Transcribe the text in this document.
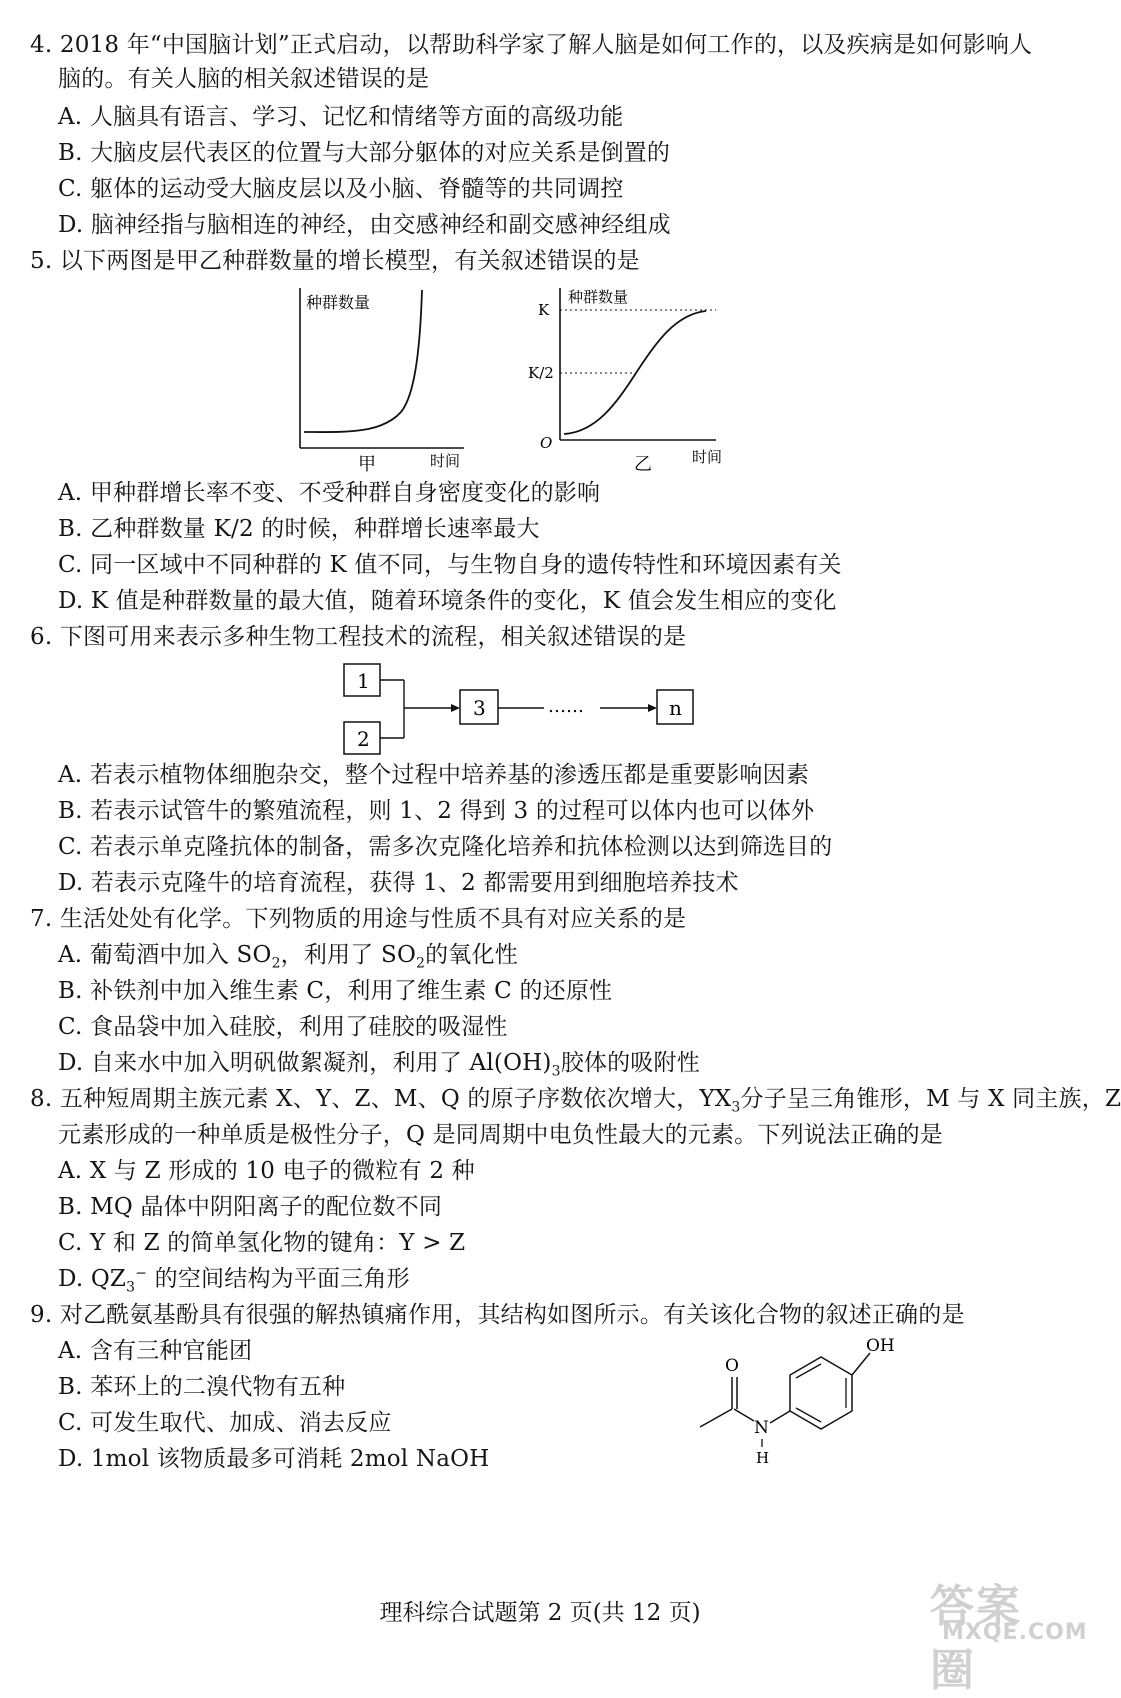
4. 2018 年“中国脑计划”正式启动，以帮助科学家了解人脑是如何工作的，以及疾病是如何影响人
脑的。有关人脑的相关叙述错误的是
A. 人脑具有语言、学习、记忆和情绪等方面的高级功能
B. 大脑皮层代表区的位置与大部分躯体的对应关系是倒置的
C. 躯体的运动受大脑皮层以及小脑、脊髓等的共同调控
D. 脑神经指与脑相连的神经，由交感神经和副交感神经组成
5. 以下两图是甲乙种群数量的增长模型，有关叙述错误的是
种群数量
时间
甲
种群数量
K
K/2
O
时间
乙
A. 甲种群增长率不变、不受种群自身密度变化的影响
B. 乙种群数量 K/2 的时候，种群增长速率最大
C. 同一区域中不同种群的 K 值不同，与生物自身的遗传特性和环境因素有关
D. K 值是种群数量的最大值，随着环境条件的变化，K 值会发生相应的变化
6. 下图可用来表示多种生物工程技术的流程，相关叙述错误的是
1
2
3	……	n
A. 若表示植物体细胞杂交，整个过程中培养基的渗透压都是重要影响因素
B. 若表示试管牛的繁殖流程，则 1、2 得到 3 的过程可以体内也可以体外
C. 若表示单克隆抗体的制备，需多次克隆化培养和抗体检测以达到筛选目的
D. 若表示克隆牛的培育流程，获得 1、2 都需要用到细胞培养技术
7. 生活处处有化学。下列物质的用途与性质不具有对应关系的是
A. 葡萄酒中加入 $SO_2$，利用了 $SO_2$的氧化性
B. 补铁剂中加入维生素 C，利用了维生素 C 的还原性
C. 食品袋中加入硅胶，利用了硅胶的吸湿性
D. 自来水中加入明矾做絮凝剂，利用了 $Al(OH)_3$胶体的吸附性
8. 五种短周期主族元素 X、Y、Z、M、Q 的原子序数依次增大，$YX_3$分子呈三角锥形，M 与 X 同主族，Z
元素形成的一种单质是极性分子，Q 是同周期中电负性最大的元素。下列说法正确的是
A. X 与 Z 形成的 10 电子的微粒有 2 种
B. MQ 晶体中阴阳离子的配位数不同
C. Y 和 Z 的简单氢化物的键角：Y > Z
D. $QZ_3^-$ 的空间结构为平面三角形
9. 对乙酰氨基酚具有很强的解热镇痛作用，其结构如图所示。有关该化合物的叙述正确的是
A. 含有三种官能团
B. 苯环上的二溴代物有五种
C. 可发生取代、加成、消去反应
D. 1mol 该物质最多可消耗 2mol NaOH
O
N
H
OH
理科综合试题第 2 页(共 12 页)	答案圈
MXQE.COM
